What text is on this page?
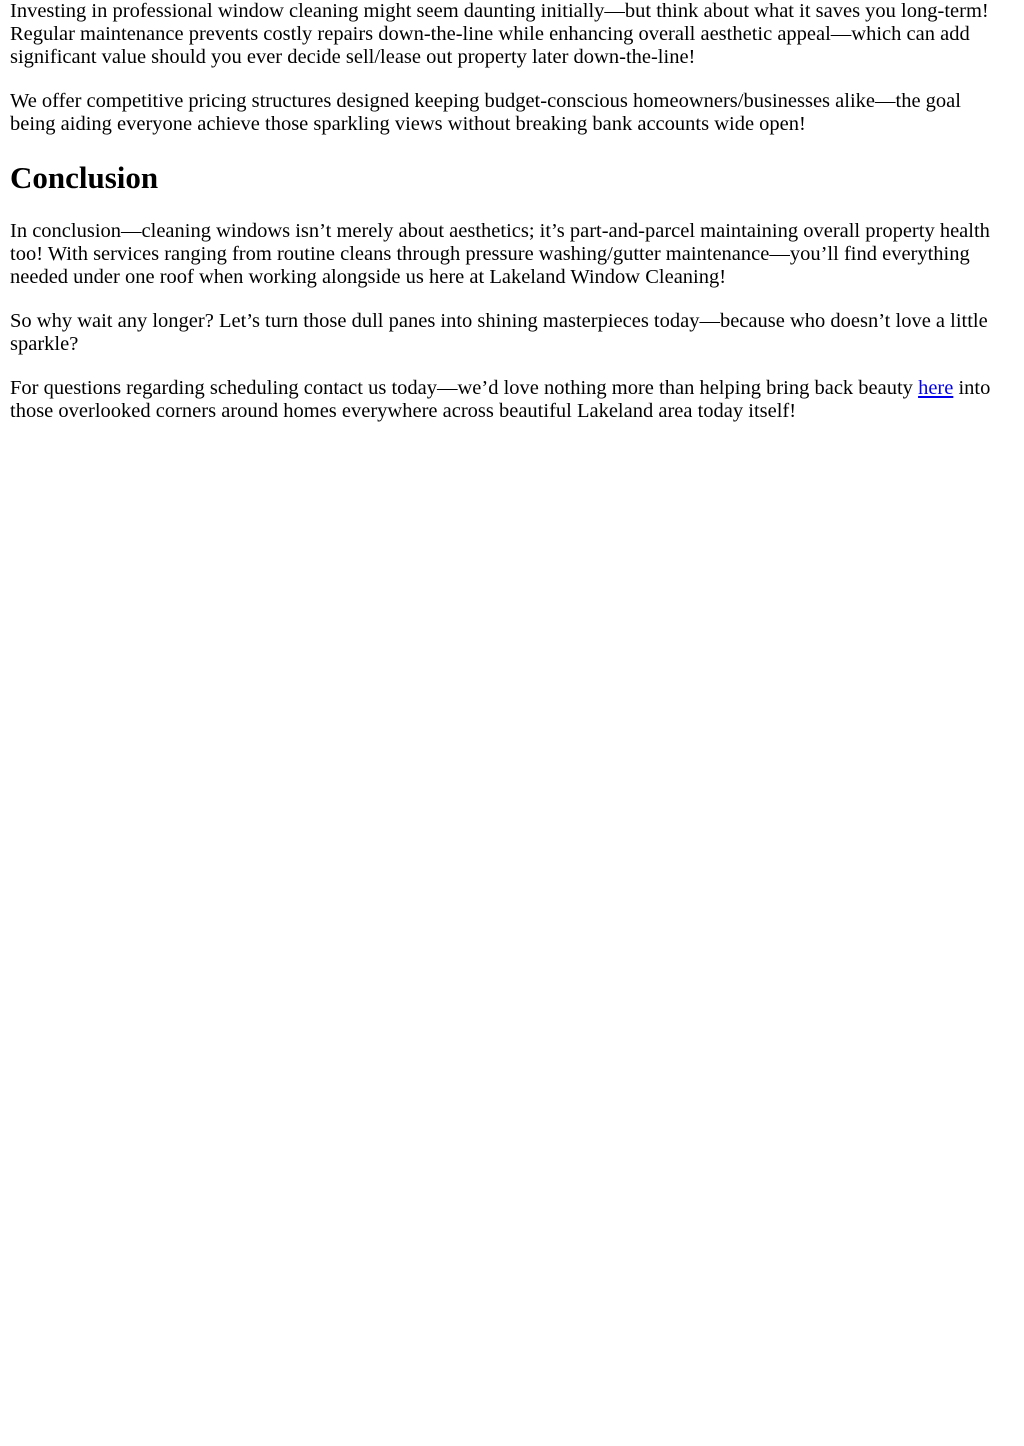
Investing in professional window cleaning might seem daunting initially—but think about what it saves you long-term! Regular maintenance prevents costly repairs down-the-line while enhancing overall aesthetic appeal—which can add significant value should you ever decide sell/lease out property later down-the-line!

We offer competitive pricing structures designed keeping budget-conscious homeowners/businesses alike—the goal being aiding everyone achieve those sparkling views without breaking bank accounts wide open!

Conclusion

In conclusion—cleaning windows isn’t merely about aesthetics; it’s part-and-parcel maintaining overall property health too! With services ranging from routine cleans through pressure washing/gutter maintenance—you’ll find everything needed under one roof when working alongside us here at Lakeland Window Cleaning!

So why wait any longer? Let’s turn those dull panes into shining masterpieces today—because who doesn’t love a little sparkle?

For questions regarding scheduling contact us today—we’d love nothing more than helping bring back beauty here into those overlooked corners around homes everywhere across beautiful Lakeland area today itself!
